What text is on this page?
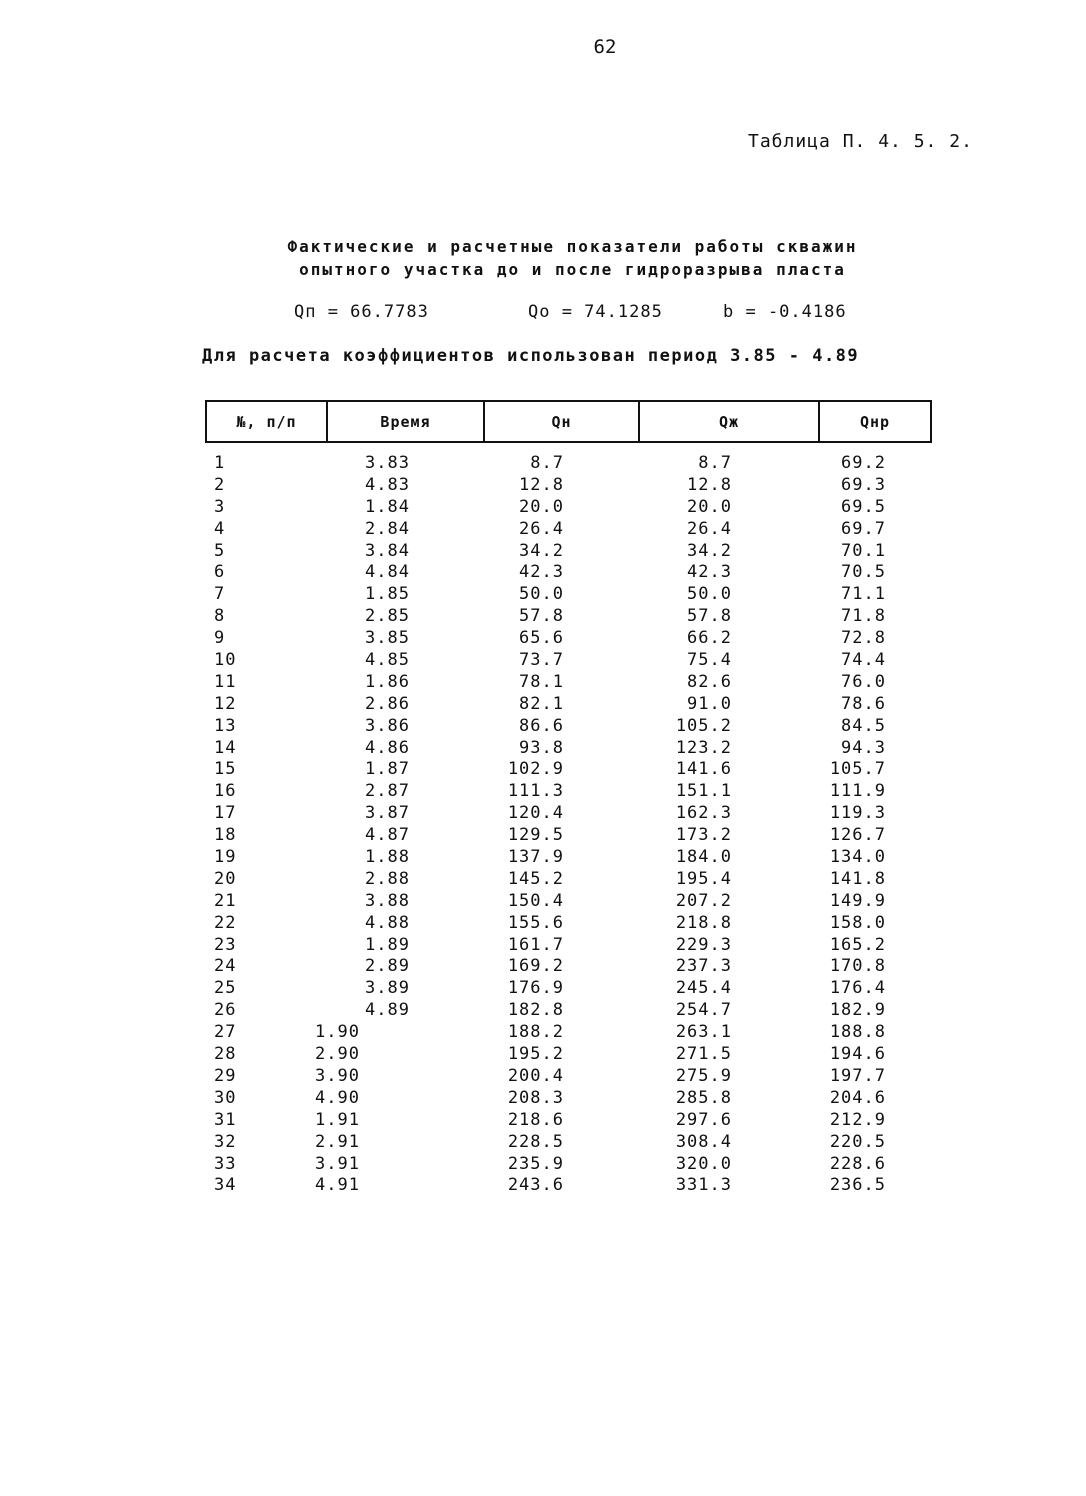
62
Таблица П. 4. 5. 2.
Фактические и расчетные показатели работы скважин
опытного участка до и после гидроразрыва пласта
Qп = 66.7783	Qо = 74.1285	b = -0.4186
Для расчета коэффициентов использован период 3.85 - 4.89
№, п/п	Время	Qн	Qж	Qнр
1	3.83	8.7	8.7	69.2
2	4.83	12.8	12.8	69.3
3	1.84	20.0	20.0	69.5
4	2.84	26.4	26.4	69.7
5	3.84	34.2	34.2	70.1
6	4.84	42.3	42.3	70.5
7	1.85	50.0	50.0	71.1
8	2.85	57.8	57.8	71.8
9	3.85	65.6	66.2	72.8
10	4.85	73.7	75.4	74.4
11	1.86	78.1	82.6	76.0
12	2.86	82.1	91.0	78.6
13	3.86	86.6	105.2	84.5
14	4.86	93.8	123.2	94.3
15	1.87	102.9	141.6	105.7
16	2.87	111.3	151.1	111.9
17	3.87	120.4	162.3	119.3
18	4.87	129.5	173.2	126.7
19	1.88	137.9	184.0	134.0
20	2.88	145.2	195.4	141.8
21	3.88	150.4	207.2	149.9
22	4.88	155.6	218.8	158.0
23	1.89	161.7	229.3	165.2
24	2.89	169.2	237.3	170.8
25	3.89	176.9	245.4	176.4
26	4.89	182.8	254.7	182.9
27	1.90	188.2	263.1	188.8
28	2.90	195.2	271.5	194.6
29	3.90	200.4	275.9	197.7
30	4.90	208.3	285.8	204.6
31	1.91	218.6	297.6	212.9
32	2.91	228.5	308.4	220.5
33	3.91	235.9	320.0	228.6
34	4.91	243.6	331.3	236.5
